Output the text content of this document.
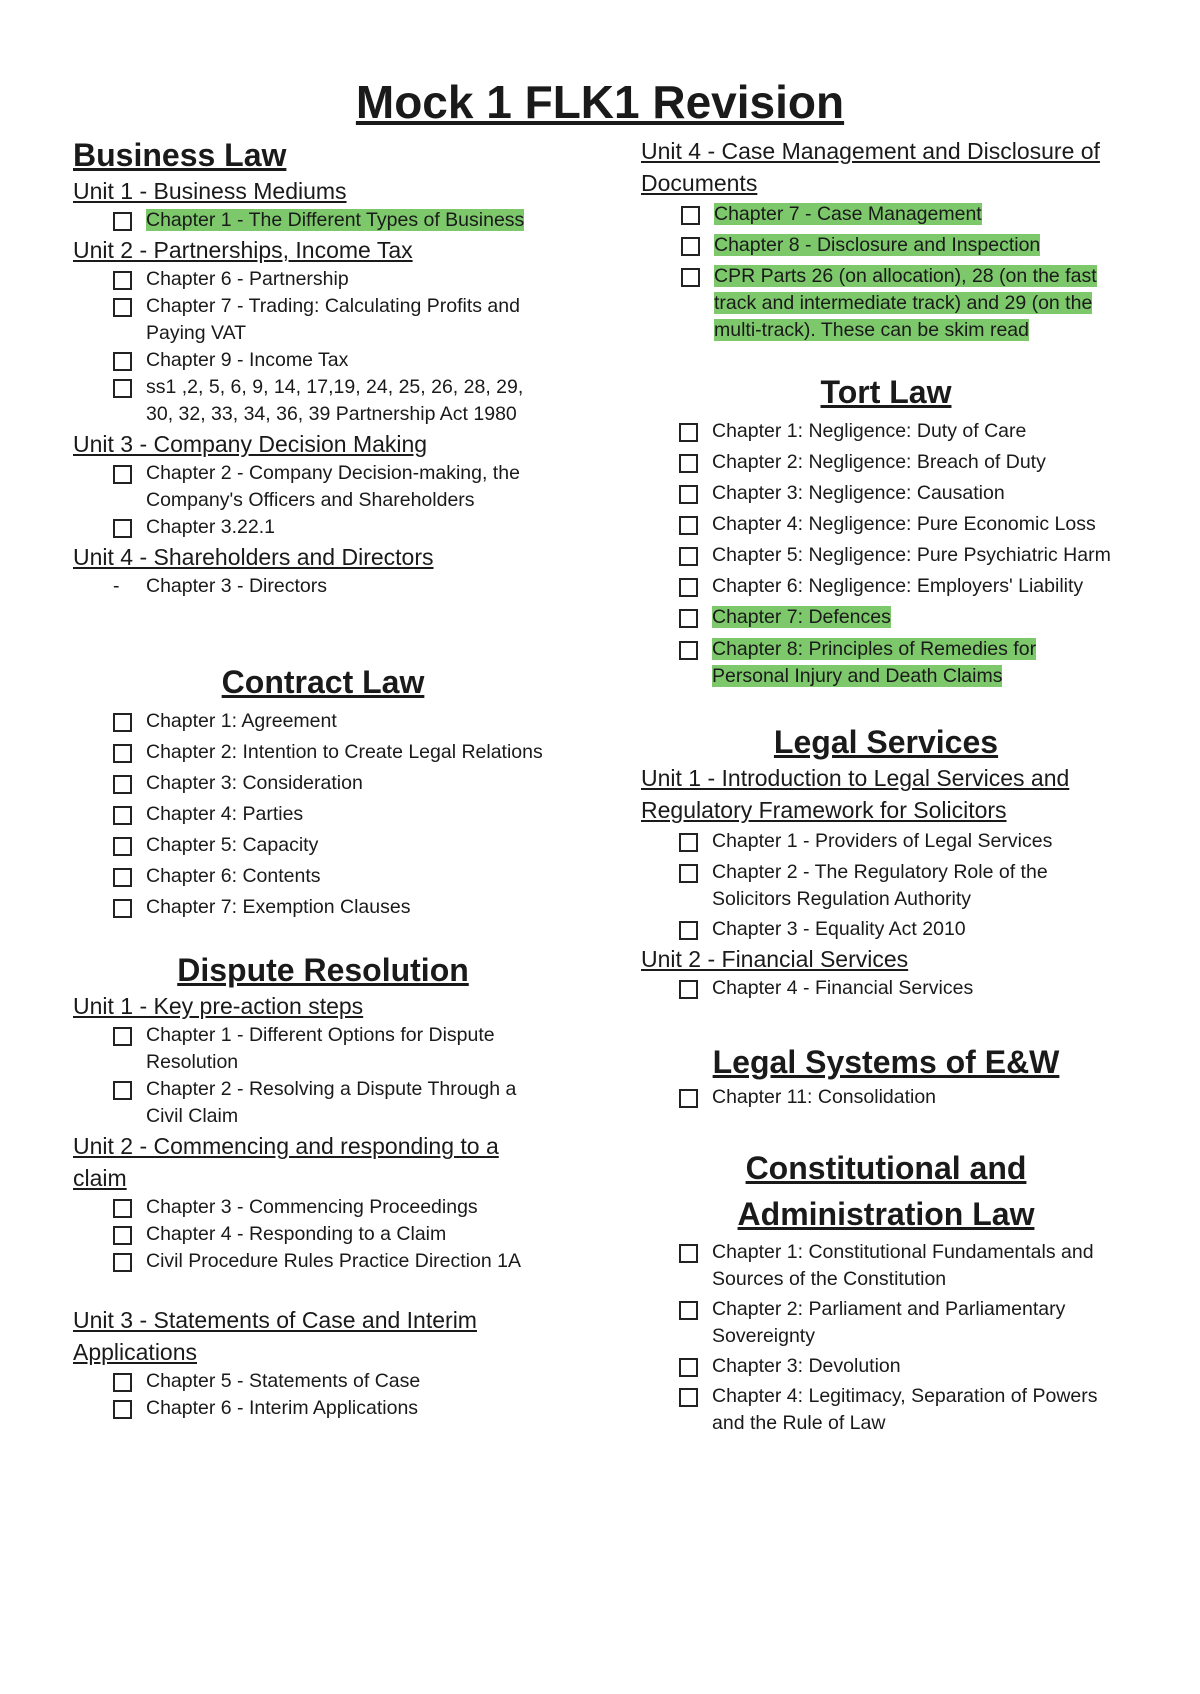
Mock 1 FLK1 Revision
Business Law
Unit 1 - Business Mediums
Chapter 1 - The Different Types of Business
Unit 2 - Partnerships, Income Tax
Chapter 6 - Partnership
Chapter 7 - Trading: Calculating Profits and Paying VAT
Chapter 9 - Income Tax
ss1 ,2, 5, 6, 9, 14, 17,19, 24, 25, 26, 28, 29, 30, 32, 33, 34, 36, 39 Partnership Act 1980
Unit 3 - Company Decision Making
Chapter 2 - Company Decision-making, the Company's Officers and Shareholders
Chapter 3.22.1
Unit 4 - Shareholders and Directors
-	Chapter 3 - Directors
Contract Law
Chapter 1: Agreement
Chapter 2: Intention to Create Legal Relations
Chapter 3: Consideration
Chapter 4: Parties
Chapter 5: Capacity
Chapter 6: Contents
Chapter 7: Exemption Clauses
Dispute Resolution
Unit 1 - Key pre-action steps
Chapter 1 - Different Options for Dispute Resolution
Chapter 2 - Resolving a Dispute Through a Civil Claim
Unit 2 - Commencing and responding to a claim
Chapter 3 - Commencing Proceedings
Chapter 4 - Responding to a Claim
Civil Procedure Rules Practice Direction 1A
Unit 3 - Statements of Case and Interim Applications
Chapter 5 - Statements of Case
Chapter 6 - Interim Applications
Unit 4 - Case Management and Disclosure of Documents
Chapter 7 - Case Management
Chapter 8 - Disclosure and Inspection
CPR Parts 26 (on allocation), 28 (on the fast track and intermediate track) and 29 (on the multi-track). These can be skim read
Tort Law
Chapter 1: Negligence: Duty of Care
Chapter 2: Negligence: Breach of Duty
Chapter 3: Negligence: Causation
Chapter 4: Negligence: Pure Economic Loss
Chapter 5: Negligence: Pure Psychiatric Harm
Chapter 6: Negligence: Employers' Liability
Chapter 7: Defences
Chapter 8: Principles of Remedies for Personal Injury and Death Claims
Legal Services
Unit 1 - Introduction to Legal Services and Regulatory Framework for Solicitors
Chapter 1 - Providers of Legal Services
Chapter 2 - The Regulatory Role of the Solicitors Regulation Authority
Chapter 3 - Equality Act 2010
Unit 2 - Financial Services
Chapter 4 - Financial Services
Legal Systems of E&W
Chapter 11: Consolidation
Constitutional and Administration Law
Chapter 1: Constitutional Fundamentals and Sources of the Constitution
Chapter 2: Parliament and Parliamentary Sovereignty
Chapter 3: Devolution
Chapter 4: Legitimacy, Separation of Powers and the Rule of Law
